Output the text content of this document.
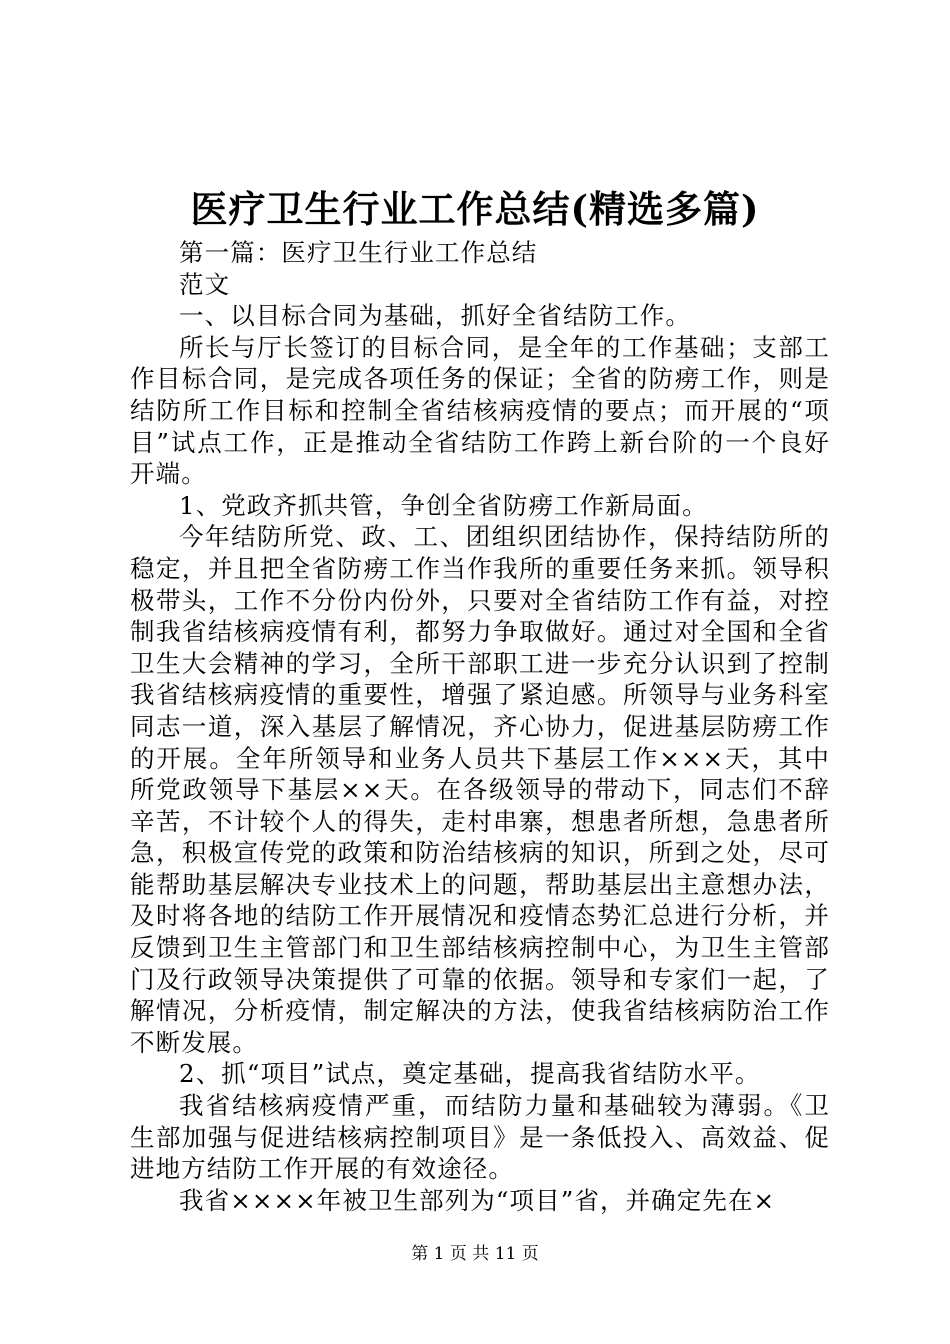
医疗卫生行业工作总结(精选多篇)

第一篇：医疗卫生行业工作总结

范文

一、以目标合同为基础，抓好全省结防工作。

所长与厅长签订的目标合同，是全年的工作基础；支部工作目标合同，是完成各项任务的保证；全省的防痨工作，则是结防所工作目标和控制全省结核病疫情的要点；而开展的“项目”试点工作，正是推动全省结防工作跨上新台阶的一个良好开端。

1、党政齐抓共管，争创全省防痨工作新局面。

今年结防所党、政、工、团组织团结协作，保持结防所的稳定，并且把全省防痨工作当作我所的重要任务来抓。领导积极带头，工作不分份内份外，只要对全省结防工作有益，对控制我省结核病疫情有利，都努力争取做好。通过对全国和全省卫生大会精神的学习，全所干部职工进一步充分认识到了控制我省结核病疫情的重要性，增强了紧迫感。所领导与业务科室同志一道，深入基层了解情况，齐心协力，促进基层防痨工作的开展。全年所领导和业务人员共下基层工作×××天，其中所党政领导下基层××天。在各级领导的带动下，同志们不辞辛苦，不计较个人的得失，走村串寨，想患者所想，急患者所急，积极宣传党的政策和防治结核病的知识，所到之处，尽可能帮助基层解决专业技术上的问题，帮助基层出主意想办法，及时将各地的结防工作开展情况和疫情态势汇总进行分析，并反馈到卫生主管部门和卫生部结核病控制中心，为卫生主管部门及行政领导决策提供了可靠的依据。领导和专家们一起，了解情况，分析疫情，制定解决的方法，使我省结核病防治工作不断发展。

2、抓“项目”试点，奠定基础，提高我省结防水平。

我省结核病疫情严重，而结防力量和基础较为薄弱。《卫生部加强与促进结核病控制项目》是一条低投入、高效益、促进地方结防工作开展的有效途径。

我省××××年被卫生部列为“项目”省，并确定先在×

第 1 页 共 11 页
